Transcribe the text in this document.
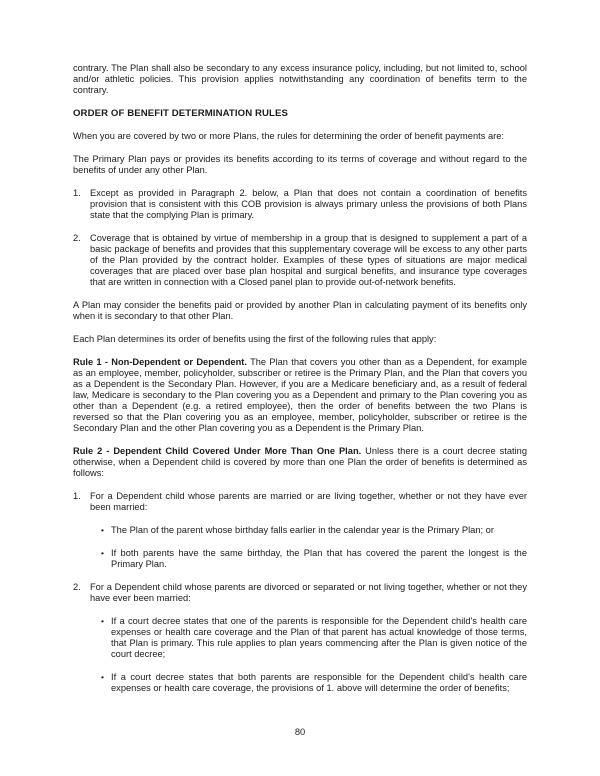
contrary. The Plan shall also be secondary to any excess insurance policy, including, but not limited to, school and/or athletic policies. This provision applies notwithstanding any coordination of benefits term to the contrary.

ORDER OF BENEFIT DETERMINATION RULES

When you are covered by two or more Plans, the rules for determining the order of benefit payments are:

The Primary Plan pays or provides its benefits according to its terms of coverage and without regard to the benefits of under any other Plan.

1. Except as provided in Paragraph 2. below, a Plan that does not contain a coordination of benefits provision that is consistent with this COB provision is always primary unless the provisions of both Plans state that the complying Plan is primary.
2. Coverage that is obtained by virtue of membership in a group that is designed to supplement a part of a basic package of benefits and provides that this supplementary coverage will be excess to any other parts of the Plan provided by the contract holder. Examples of these types of situations are major medical coverages that are placed over base plan hospital and surgical benefits, and insurance type coverages that are written in connection with a Closed panel plan to provide out-of-network benefits.

A Plan may consider the benefits paid or provided by another Plan in calculating payment of its benefits only when it is secondary to that other Plan.

Each Plan determines its order of benefits using the first of the following rules that apply:

Rule 1 - Non-Dependent or Dependent. The Plan that covers you other than as a Dependent, for example as an employee, member, policyholder, subscriber or retiree is the Primary Plan, and the Plan that covers you as a Dependent is the Secondary Plan. However, if you are a Medicare beneficiary and, as a result of federal law, Medicare is secondary to the Plan covering you as a Dependent and primary to the Plan covering you as other than a Dependent (e.g. a retired employee), then the order of benefits between the two Plans is reversed so that the Plan covering you as an employee, member, policyholder, subscriber or retiree is the Secondary Plan and the other Plan covering you as a Dependent is the Primary Plan.

Rule 2 - Dependent Child Covered Under More Than One Plan. Unless there is a court decree stating otherwise, when a Dependent child is covered by more than one Plan the order of benefits is determined as follows:

1. For a Dependent child whose parents are married or are living together, whether or not they have ever been married:
• The Plan of the parent whose birthday falls earlier in the calendar year is the Primary Plan; or
• If both parents have the same birthday, the Plan that has covered the parent the longest is the Primary Plan.
2. For a Dependent child whose parents are divorced or separated or not living together, whether or not they have ever been married:
• If a court decree states that one of the parents is responsible for the Dependent child's health care expenses or health care coverage and the Plan of that parent has actual knowledge of those terms, that Plan is primary. This rule applies to plan years commencing after the Plan is given notice of the court decree;
• If a court decree states that both parents are responsible for the Dependent child's health care expenses or health care coverage, the provisions of 1. above will determine the order of benefits;
80
